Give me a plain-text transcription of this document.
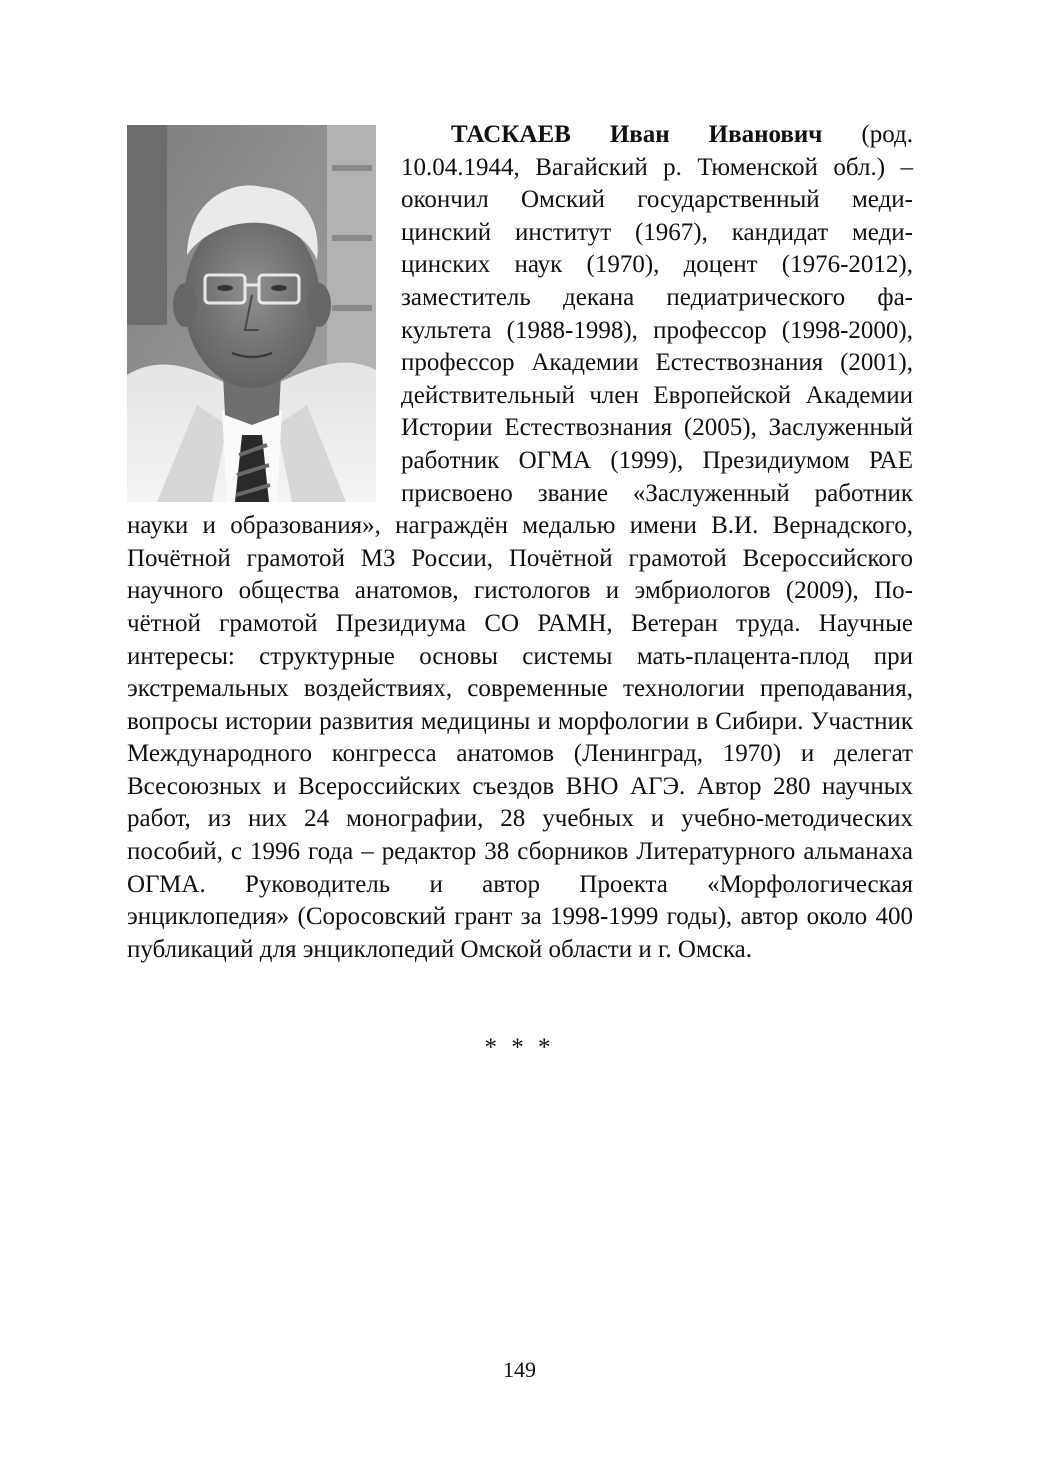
ТАСКАЕВ Иван Иванович (род. 10.04.1944, Вагайский р. Тюменской обл.) – окончил Омский государственный медицинский институт (1967), кандидат медицинских наук (1970), доцент (1976-2012), заместитель декана педиатрического факультета (1988-1998), профессор (1998-2000), профессор Академии Естествознания (2001), действительный член Европейской Академии Истории Естествознания (2005), Заслуженный работник ОГМА (1999), Президиумом РАЕ присвоено звание «Заслуженный работник науки и образования», награждён медалью имени В.И. Вернадского, Почётной грамотой МЗ России, Почётной грамотой Всероссийского научного общества анатомов, гистологов и эмбриологов (2009), Почётной грамотой Президиума СО РАМН, Ветеран труда. Научные интересы: структурные основы системы мать-плацента-плод при экстремальных воздействиях, современные технологии преподавания, вопросы истории развития медицины и морфологии в Сибири. Участник Международного конгресса анатомов (Ленинград, 1970) и делегат Всесоюзных и Всероссийских съездов ВНО АГЭ. Автор 280 научных работ, из них 24 монографии, 28 учебных и учебно-методических пособий, с 1996 года – редактор 38 сборников Литературного альманаха ОГМА. Руководитель и автор Проекта «Морфологическая энциклопедия» (Соросовский грант за 1998-1999 годы), автор около 400 публикаций для энциклопедий Омской области и г. Омска.

* * *
149
